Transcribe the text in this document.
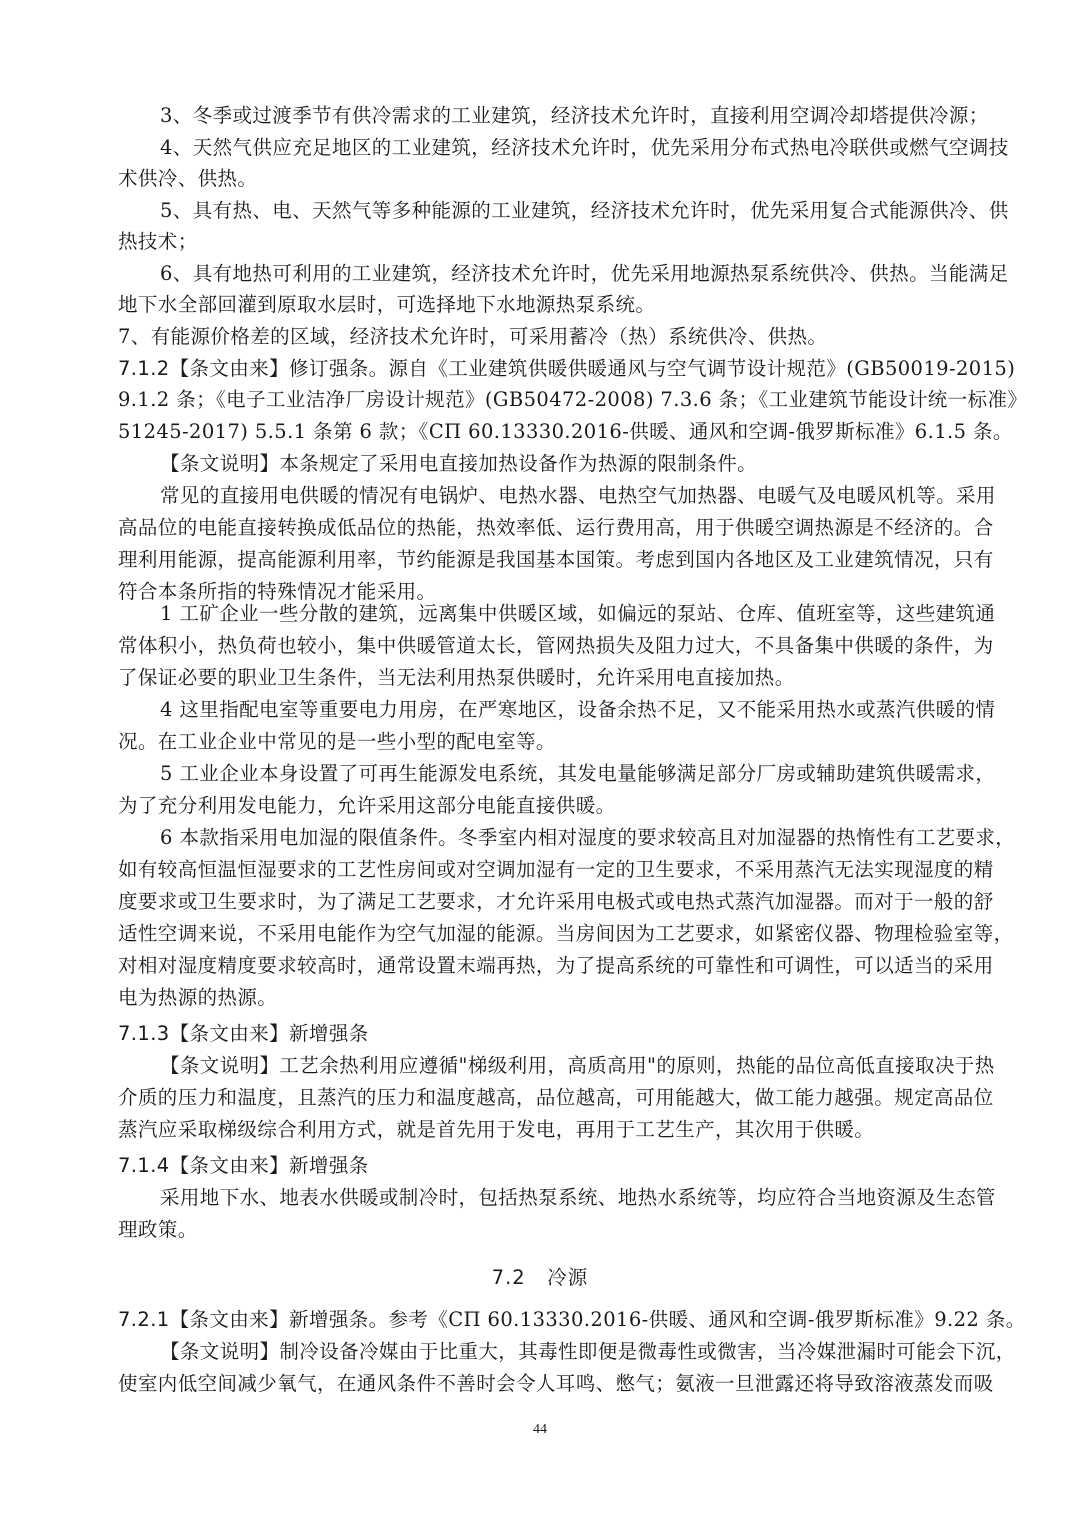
3、冬季或过渡季节有供冷需求的工业建筑，经济技术允许时，直接利用空调冷却塔提供冷源；
4、天然气供应充足地区的工业建筑，经济技术允许时，优先采用分布式热电冷联供或燃气空调技
术供冷、供热。
5、具有热、电、天然气等多种能源的工业建筑，经济技术允许时，优先采用复合式能源供冷、供
热技术；
6、具有地热可利用的工业建筑，经济技术允许时，优先采用地源热泵系统供冷、供热。当能满足
地下水全部回灌到原取水层时，可选择地下水地源热泵系统。
7、有能源价格差的区域，经济技术允许时，可采用蓄冷（热）系统供冷、供热。
7.1.2【条文由来】修订强条。源自《工业建筑供暖供暖通风与空气调节设计规范》(GB50019-2015)
9.1.2 条；《电子工业洁净厂房设计规范》(GB50472-2008) 7.3.6 条；《工业建筑节能设计统一标准》
51245-2017) 5.5.1 条第 6 款；《СП 60.13330.2016-供暖、通风和空调-俄罗斯标准》6.1.5 条。
【条文说明】本条规定了采用电直接加热设备作为热源的限制条件。
常见的直接用电供暖的情况有电锅炉、电热水器、电热空气加热器、电暖气及电暖风机等。采用
高品位的电能直接转换成低品位的热能，热效率低、运行费用高，用于供暖空调热源是不经济的。合
理利用能源，提高能源利用率，节约能源是我国基本国策。考虑到国内各地区及工业建筑情况，只有
符合本条所指的特殊情况才能采用。
1 工矿企业一些分散的建筑，远离集中供暖区域，如偏远的泵站、仓库、值班室等，这些建筑通
常体积小，热负荷也较小，集中供暖管道太长，管网热损失及阻力过大，不具备集中供暖的条件，为
了保证必要的职业卫生条件，当无法利用热泵供暖时，允许采用电直接加热。
4 这里指配电室等重要电力用房，在严寒地区，设备余热不足，又不能采用热水或蒸汽供暖的情
况。在工业企业中常见的是一些小型的配电室等。
5 工业企业本身设置了可再生能源发电系统，其发电量能够满足部分厂房或辅助建筑供暖需求，
为了充分利用发电能力，允许采用这部分电能直接供暖。
6 本款指采用电加湿的限值条件。冬季室内相对湿度的要求较高且对加湿器的热惰性有工艺要求，
如有较高恒温恒湿要求的工艺性房间或对空调加湿有一定的卫生要求，不采用蒸汽无法实现湿度的精
度要求或卫生要求时，为了满足工艺要求，才允许采用电极式或电热式蒸汽加湿器。而对于一般的舒
适性空调来说，不采用电能作为空气加湿的能源。当房间因为工艺要求，如紧密仪器、物理检验室等，
对相对湿度精度要求较高时，通常设置末端再热，为了提高系统的可靠性和可调性，可以适当的采用
电为热源的热源。
7.1.3【条文由来】新增强条
【条文说明】工艺余热利用应遵循"梯级利用，高质高用"的原则，热能的品位高低直接取决于热
介质的压力和温度，且蒸汽的压力和温度越高，品位越高，可用能越大，做工能力越强。规定高品位
蒸汽应采取梯级综合利用方式，就是首先用于发电，再用于工艺生产，其次用于供暖。
7.1.4【条文由来】新增强条
采用地下水、地表水供暖或制冷时，包括热泵系统、地热水系统等，均应符合当地资源及生态管
理政策。
7.2 冷源
7.2.1【条文由来】新增强条。参考《СП 60.13330.2016-供暖、通风和空调-俄罗斯标准》9.22 条。
【条文说明】制冷设备冷媒由于比重大，其毒性即便是微毒性或微害，当冷媒泄漏时可能会下沉，
使室内低空间减少氧气，在通风条件不善时会令人耳鸣、憋气；氨液一旦泄露还将导致溶液蒸发而吸
44
